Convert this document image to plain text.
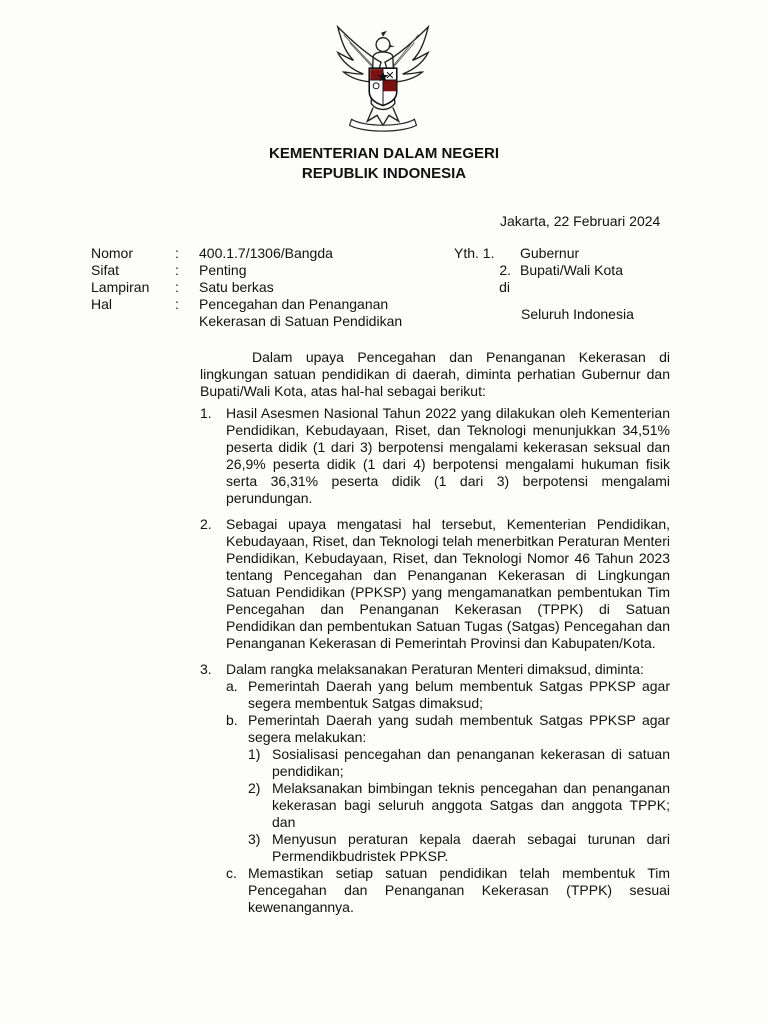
KEMENTERIAN DALAM NEGERI
REPUBLIK INDONESIA
Jakarta, 22 Februari 2024
Nomor	:	400.1.7/1306/Bangda
Sifat	:	Penting
Lampiran	:	Satu berkas
Hal	:	Pencegahan dan Penanganan Kekerasan di Satuan Pendidikan
Yth. 1.	Gubernur
2. Bupati/Wali Kota
di
Seluruh Indonesia

Dalam upaya Pencegahan dan Penanganan Kekerasan di lingkungan satuan pendidikan di daerah, diminta perhatian Gubernur dan Bupati/Wali Kota, atas hal-hal sebagai berikut:

1.	Hasil Asesmen Nasional Tahun 2022 yang dilakukan oleh Kementerian Pendidikan, Kebudayaan, Riset, dan Teknologi menunjukkan 34,51% peserta didik (1 dari 3) berpotensi mengalami kekerasan seksual dan 26,9% peserta didik (1 dari 4) berpotensi mengalami hukuman fisik serta 36,31% peserta didik (1 dari 3) berpotensi mengalami perundungan.
2.	Sebagai upaya mengatasi hal tersebut, Kementerian Pendidikan, Kebudayaan, Riset, dan Teknologi telah menerbitkan Peraturan Menteri Pendidikan, Kebudayaan, Riset, dan Teknologi Nomor 46 Tahun 2023 tentang Pencegahan dan Penanganan Kekerasan di Lingkungan Satuan Pendidikan (PPKSP) yang mengamanatkan pembentukan Tim Pencegahan dan Penanganan Kekerasan (TPPK) di Satuan Pendidikan dan pembentukan Satuan Tugas (Satgas) Pencegahan dan Penanganan Kekerasan di Pemerintah Provinsi dan Kabupaten/Kota.
3.	Dalam rangka melaksanakan Peraturan Menteri dimaksud, diminta:
a. Pemerintah Daerah yang belum membentuk Satgas PPKSP agar segera membentuk Satgas dimaksud;
b. Pemerintah Daerah yang sudah membentuk Satgas PPKSP agar segera melakukan:
1) Sosialisasi pencegahan dan penanganan kekerasan di satuan pendidikan;
2) Melaksanakan bimbingan teknis pencegahan dan penanganan kekerasan bagi seluruh anggota Satgas dan anggota TPPK; dan
3) Menyusun peraturan kepala daerah sebagai turunan dari Permendikbudristek PPKSP.
c. Memastikan setiap satuan pendidikan telah membentuk Tim Pencegahan dan Penanganan Kekerasan (TPPK) sesuai kewenangannya.
